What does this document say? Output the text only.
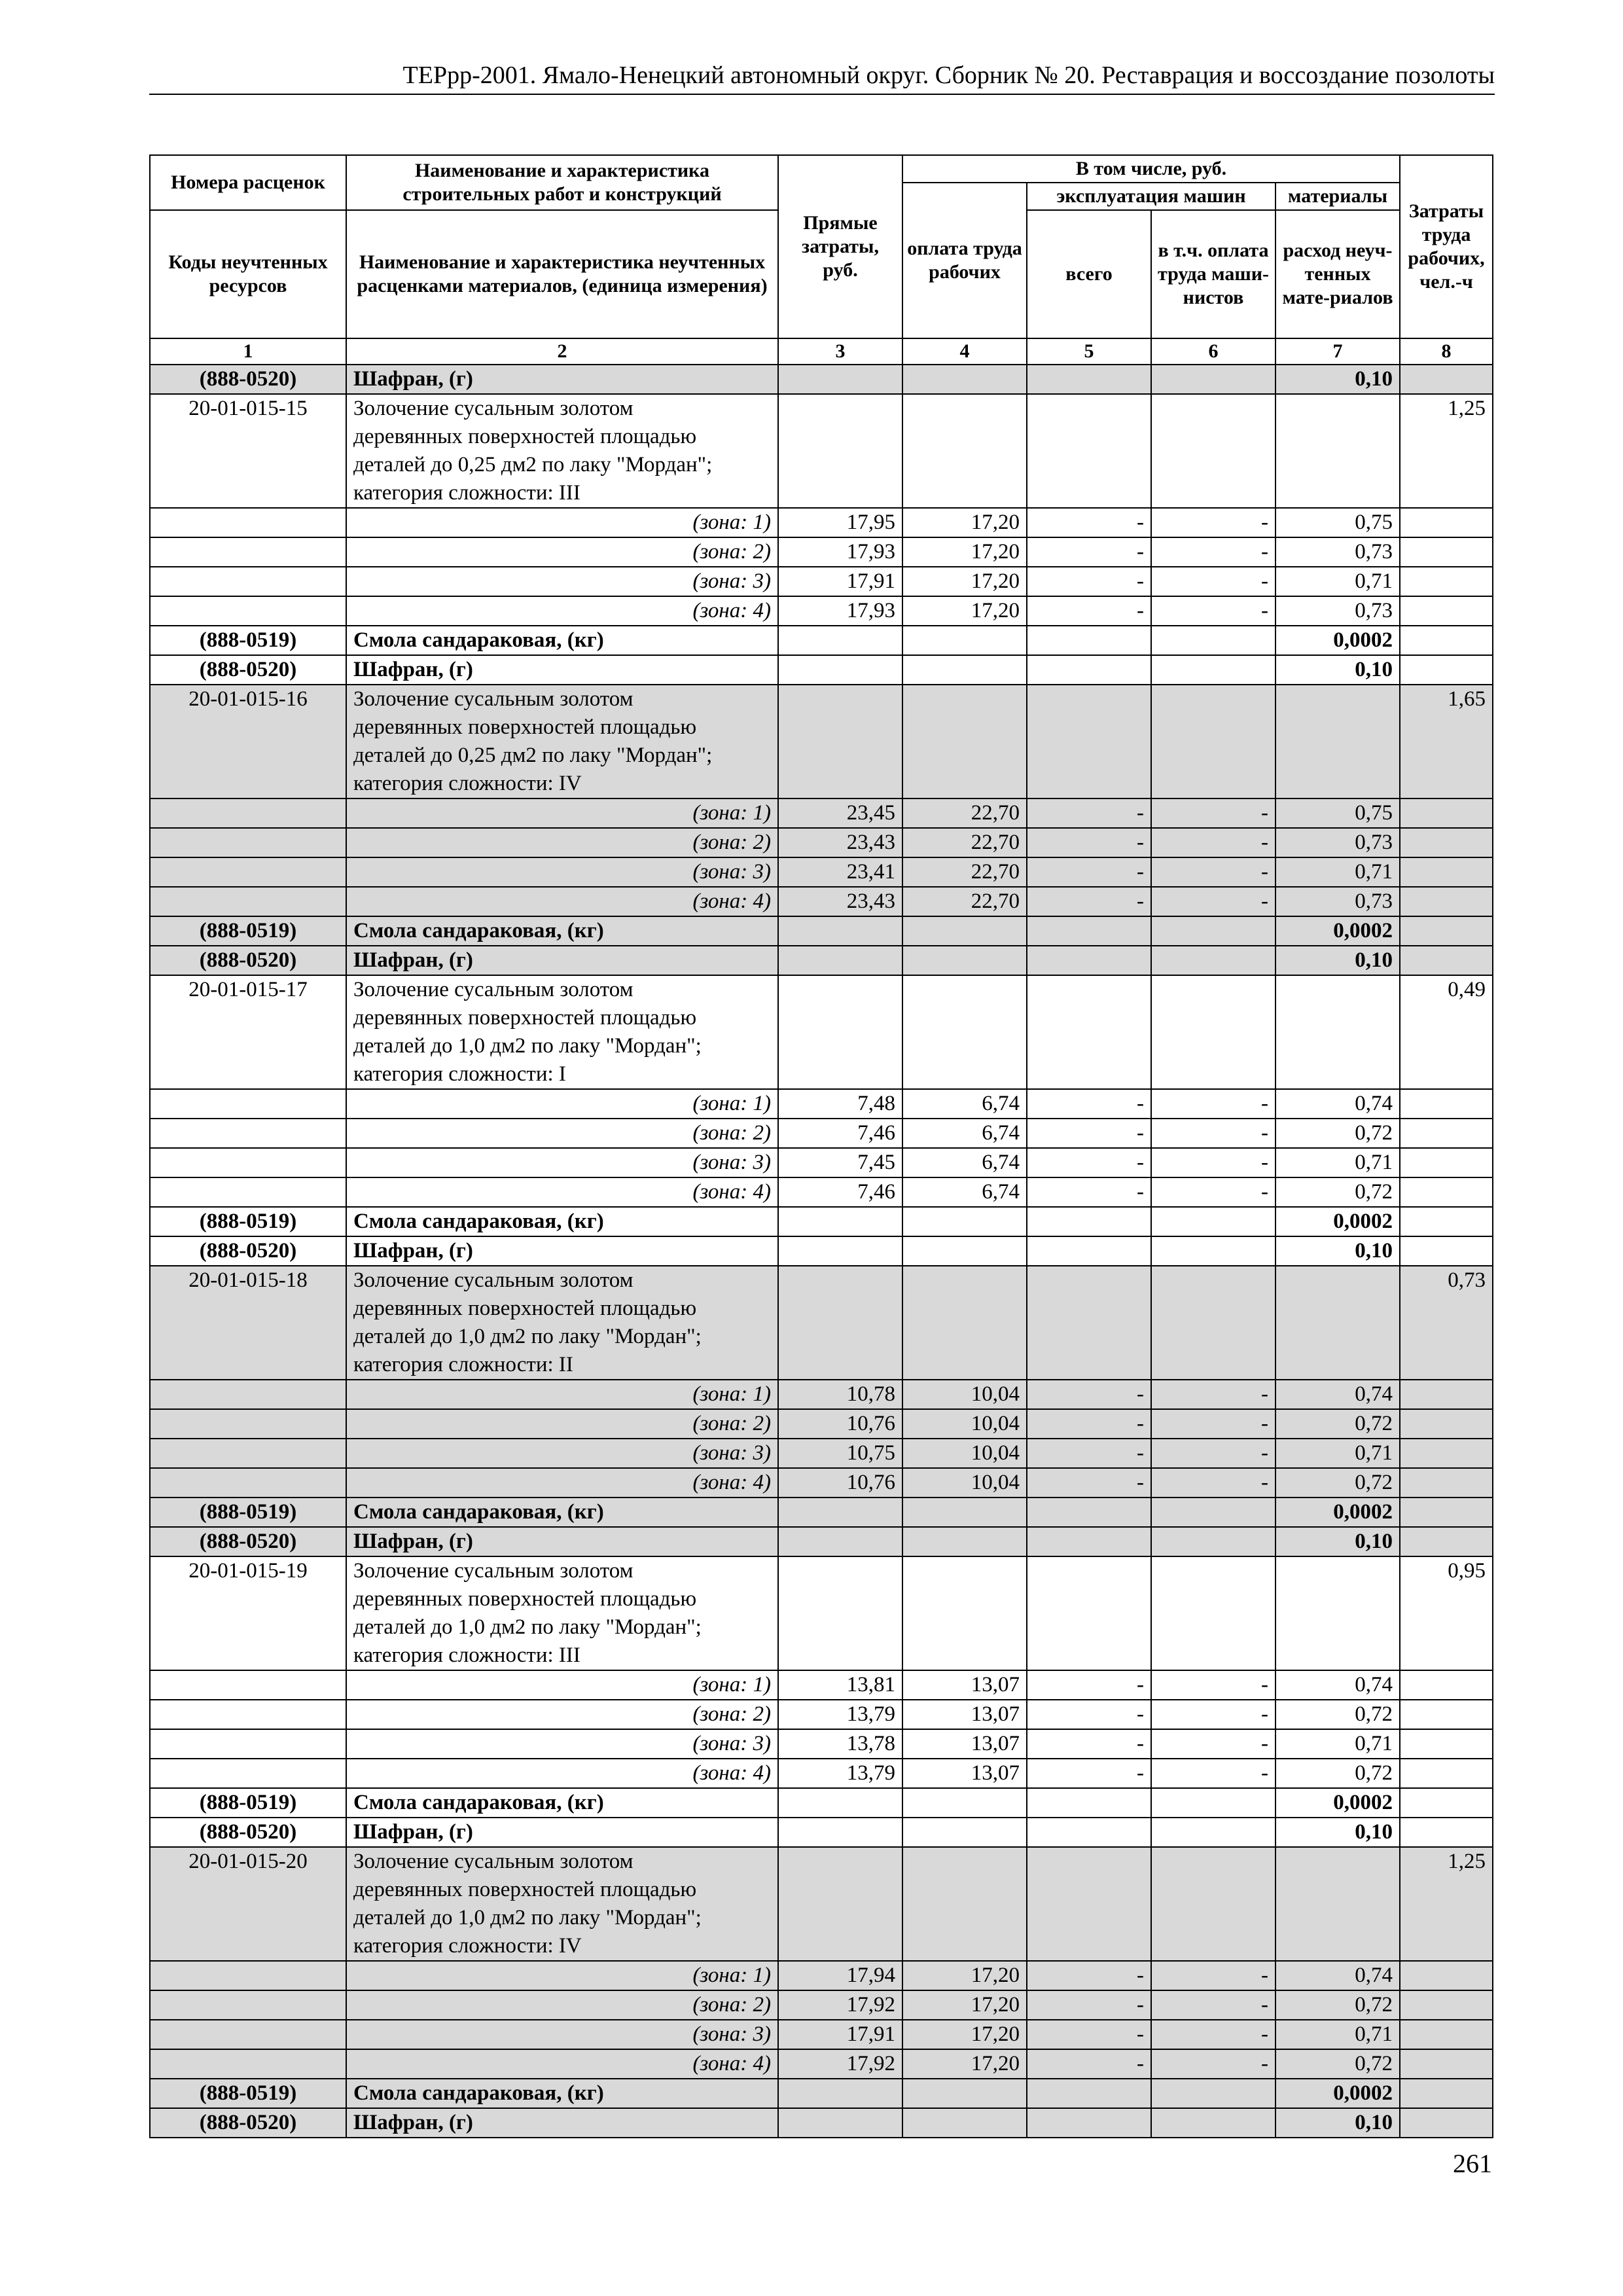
ТЕРрр-2001. Ямало-Ненецкий автономный округ. Сборник № 20. Реставрация и воссоздание позолоты
Номера расценок	Наименование и характеристика строительных работ и конструкций	Прямые затраты, руб.	В том числе, руб.				Затраты труда рабочих, чел.-ч
			оплата труда рабочих	эксплуатация машин		материалы	
Коды неучтенных ресурсов	Наименование и характеристика неучтенных расценками материалов, (единица измерения)			всего	в т.ч. оплата труда маши-нистов	расход неуч-тенных мате-риалов	
1	2	3	4	5	6	7	8
(888-0520)	Шафран, (г)					0,10	
20-01-015-15	Золочение сусальным золотом
деревянных поверхностей площадью
деталей до 0,25 дм2 по лаку "Мордан";
категория сложности: III						1,25
	(зона: 1)	17,95	17,20	-	-	0,75	
	(зона: 2)	17,93	17,20	-	-	0,73	
	(зона: 3)	17,91	17,20	-	-	0,71	
	(зона: 4)	17,93	17,20	-	-	0,73	
(888-0519)	Смола сандараковая, (кг)					0,0002	
(888-0520)	Шафран, (г)					0,10	
20-01-015-16	Золочение сусальным золотом
деревянных поверхностей площадью
деталей до 0,25 дм2 по лаку "Мордан";
категория сложности: IV						1,65
	(зона: 1)	23,45	22,70	-	-	0,75	
	(зона: 2)	23,43	22,70	-	-	0,73	
	(зона: 3)	23,41	22,70	-	-	0,71	
	(зона: 4)	23,43	22,70	-	-	0,73	
(888-0519)	Смола сандараковая, (кг)					0,0002	
(888-0520)	Шафран, (г)					0,10	
20-01-015-17	Золочение сусальным золотом
деревянных поверхностей площадью
деталей до 1,0 дм2 по лаку "Мордан";
категория сложности: I						0,49
	(зона: 1)	7,48	6,74	-	-	0,74	
	(зона: 2)	7,46	6,74	-	-	0,72	
	(зона: 3)	7,45	6,74	-	-	0,71	
	(зона: 4)	7,46	6,74	-	-	0,72	
(888-0519)	Смола сандараковая, (кг)					0,0002	
(888-0520)	Шафран, (г)					0,10	
20-01-015-18	Золочение сусальным золотом
деревянных поверхностей площадью
деталей до 1,0 дм2 по лаку "Мордан";
категория сложности: II						0,73
	(зона: 1)	10,78	10,04	-	-	0,74	
	(зона: 2)	10,76	10,04	-	-	0,72	
	(зона: 3)	10,75	10,04	-	-	0,71	
	(зона: 4)	10,76	10,04	-	-	0,72	
(888-0519)	Смола сандараковая, (кг)					0,0002	
(888-0520)	Шафран, (г)					0,10	
20-01-015-19	Золочение сусальным золотом
деревянных поверхностей площадью
деталей до 1,0 дм2 по лаку "Мордан";
категория сложности: III						0,95
	(зона: 1)	13,81	13,07	-	-	0,74	
	(зона: 2)	13,79	13,07	-	-	0,72	
	(зона: 3)	13,78	13,07	-	-	0,71	
	(зона: 4)	13,79	13,07	-	-	0,72	
(888-0519)	Смола сандараковая, (кг)					0,0002	
(888-0520)	Шафран, (г)					0,10	
20-01-015-20	Золочение сусальным золотом
деревянных поверхностей площадью
деталей до 1,0 дм2 по лаку "Мордан";
категория сложности: IV						1,25
	(зона: 1)	17,94	17,20	-	-	0,74	
	(зона: 2)	17,92	17,20	-	-	0,72	
	(зона: 3)	17,91	17,20	-	-	0,71	
	(зона: 4)	17,92	17,20	-	-	0,72	
(888-0519)	Смола сандараковая, (кг)					0,0002	
(888-0520)	Шафран, (г)					0,10	
261
